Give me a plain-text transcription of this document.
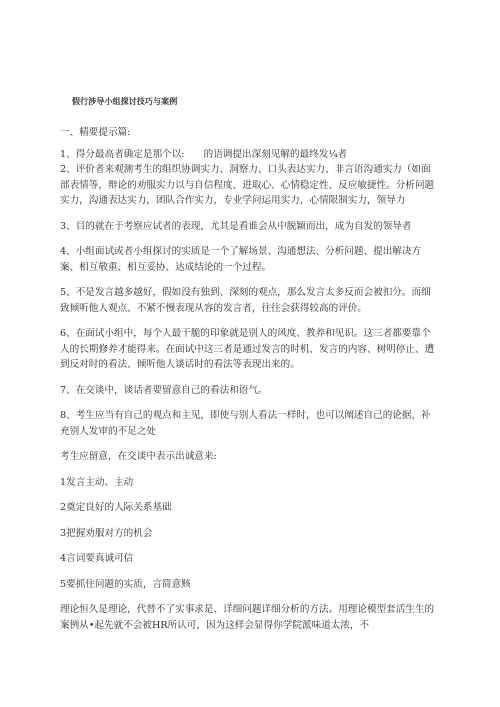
假行涉导小组探讨技巧与案例

一、精要提示篇:

1、得分最高者确定是那个以:　　的语调提出深刻见解的最终发¼者

2、评价者来观测考生的组织协调实力、洞察力、口头表达实力、非言语沟通实力（如面部表情等，辩论的劝服实力以与自信程度、进取心、心情稳定性、反应敏捷性。分析问题实力，沟通表达实力，团队合作实力，专业学问运用实力，心情限制实力，领导力

3、目的就在于考察应试者的表现，尤其是看谁会从中脱颖而出，成为自发的领导者

4、小组面试或者小组探讨的实质是一个了解场景、沟通想法、分析问题、提出解决方案、相互敬重、相互妥协、达成结论的一个过程。

5、不是发言越多越好，假如没有独到、深刻的观点，那么发言太多反而会被扣分。而细致倾听他人观点、不紧不慢表现从容的发言者，往往会获得较高的评价。

6、在面试小组中，每个人最干脆的印象就是别人的风度、教养和见识。这三者都要靠个人的长期修养才能得来。在面试中这三者是通过发言的时机、发言的内容、树明停止、遭到反对时的看法、倾听他人谈话时的看法等表现出来的。

7、在交谈中，谈话者要留意自己的看法和语气。

8、考生应当有自己的观点和主见，即使与别人看法一样时，也可以阐述自己的论据，补充别人发审的不足之处

考生应留意，在交谈中表示出诚意来:

1发言主动、主动

2奠定良好的人际关系基础

3把握劝服对方的机会

4言词要真诚可信

5要抓住问题的实质，言简意赅

理论恒久是理论，代替不了实事求是、详细问题详细分析的方法。用理论模型套活生生的案例从•起先就不会被HR所认可，因为这样会显得你学院派味道太浓，不
